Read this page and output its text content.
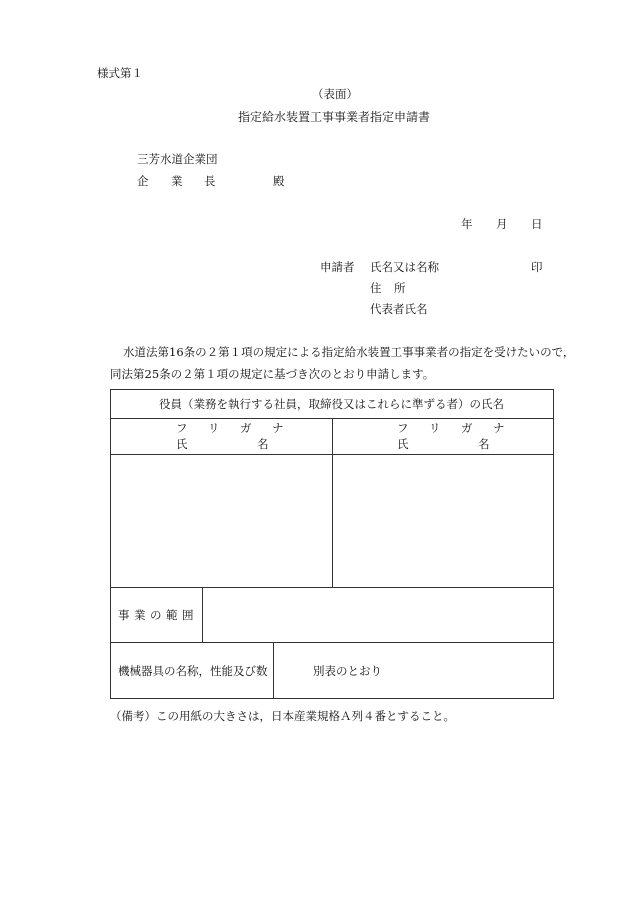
様式第１
（表面）
指定給水装置工事事業者指定申請書
三芳水道企業団
企 業 長	殿
年 月 日
申請者 氏名又は名称	印
住 所
代表者氏名
水道法第16条の２第１項の規定による指定給水装置工事事業者の指定を受けたいので，
同法第25条の２第１項の規定に基づき次のとおり申請します。
役員（業務を執行する社員，取締役又はこれらに準ずる者）の氏名
フ リ ガ ナ
氏	名
フ リ ガ ナ
氏	名
事 業 の 範 囲
機械器具の名称，性能及び数	別表のとおり
（備考）この用紙の大きさは，日本産業規格Ａ列４番とすること。
